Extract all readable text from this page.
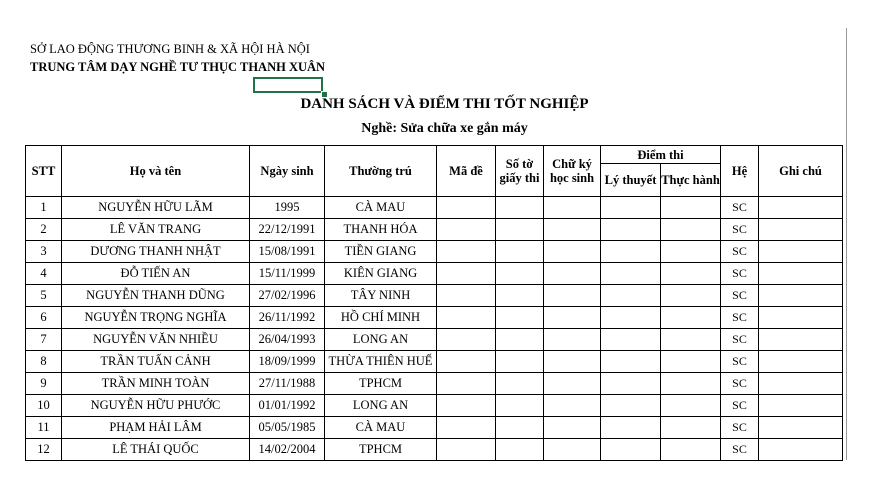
SỞ LAO ĐỘNG THƯƠNG BINH & XÃ HỘI HÀ NỘI
TRUNG TÂM DẠY NGHỀ TƯ THỤC THANH XUÂN
DANH SÁCH VÀ ĐIỂM THI TỐT NGHIỆP
Nghề: Sửa chữa xe gắn máy
STT	Họ và tên	Ngày sinh	Thường trú	Mã đề	Số tờ giấy thi	Chữ ký học sinh	Điểm thi		Hệ	Ghi chú
							Lý thuyết	Thực hành		
1	NGUYỄN HỮU LÃM	1995	CÀ MAU						SC	
2	LÊ VĂN TRANG	22/12/1991	THANH HÓA						SC	
3	DƯƠNG THANH NHẬT	15/08/1991	TIỀN GIANG						SC	
4	ĐỖ TIẾN AN	15/11/1999	KIÊN GIANG						SC	
5	NGUYỄN THANH DŨNG	27/02/1996	TÂY NINH						SC	
6	NGUYỄN TRỌNG NGHĨA	26/11/1992	HỒ CHÍ MINH						SC	
7	NGUYỄN VĂN NHIỀU	26/04/1993	LONG AN						SC	
8	TRẦN TUẤN CẢNH	18/09/1999	THỪA THIÊN HUẾ						SC	
9	TRẦN MINH TOÀN	27/11/1988	TPHCM						SC	
10	NGUYỄN HỮU PHƯỚC	01/01/1992	LONG AN						SC	
11	PHẠM HẢI LÂM	05/05/1985	CÀ MAU						SC	
12	LÊ THÁI QUỐC	14/02/2004	TPHCM						SC	
